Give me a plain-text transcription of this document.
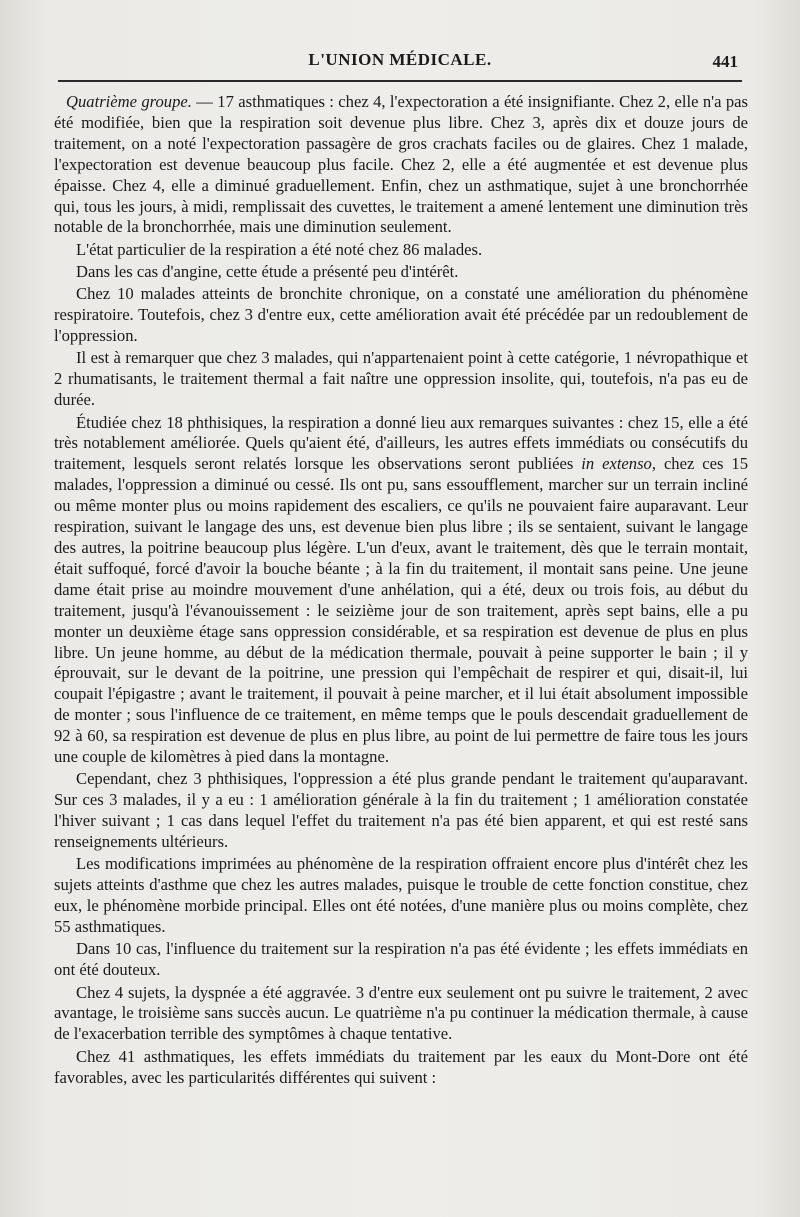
L'UNION MÉDICALE.	441

Quatrième groupe. — 17 asthmatiques : chez 4, l'expectoration a été insignifiante. Chez 2, elle n'a pas été modifiée, bien que la respiration soit devenue plus libre. Chez 3, après dix et douze jours de traitement, on a noté l'expectoration passagère de gros crachats faciles ou de glaires. Chez 1 malade, l'expectoration est devenue beaucoup plus facile. Chez 2, elle a été augmentée et est devenue plus épaisse. Chez 4, elle a diminué graduellement. Enfin, chez un asthmatique, sujet à une bronchorrhée qui, tous les jours, à midi, remplissait des cuvettes, le traitement a amené lentement une diminution très notable de la bronchorrhée, mais une diminution seulement.

L'état particulier de la respiration a été noté chez 86 malades.

Dans les cas d'angine, cette étude a présenté peu d'intérêt.

Chez 10 malades atteints de bronchite chronique, on a constaté une amélioration du phénomène respiratoire. Toutefois, chez 3 d'entre eux, cette amélioration avait été précédée par un redoublement de l'oppression.

Il est à remarquer que chez 3 malades, qui n'appartenaient point à cette catégorie, 1 névropathique et 2 rhumatisants, le traitement thermal a fait naître une oppression insolite, qui, toutefois, n'a pas eu de durée.

Étudiée chez 18 phthisiques, la respiration a donné lieu aux remarques suivantes : chez 15, elle a été très notablement améliorée. Quels qu'aient été, d'ailleurs, les autres effets immédiats ou consécutifs du traitement, lesquels seront relatés lorsque les observations seront publiées in extenso, chez ces 15 malades, l'oppression a diminué ou cessé. Ils ont pu, sans essoufflement, marcher sur un terrain incliné ou même monter plus ou moins rapidement des escaliers, ce qu'ils ne pouvaient faire auparavant. Leur respiration, suivant le langage des uns, est devenue bien plus libre ; ils se sentaient, suivant le langage des autres, la poitrine beaucoup plus légère. L'un d'eux, avant le traitement, dès que le terrain montait, était suffoqué, forcé d'avoir la bouche béante ; à la fin du traitement, il montait sans peine. Une jeune dame était prise au moindre mouvement d'une anhélation, qui a été, deux ou trois fois, au début du traitement, jusqu'à l'évanouissement : le seizième jour de son traitement, après sept bains, elle a pu monter un deuxième étage sans oppression considérable, et sa respiration est devenue de plus en plus libre. Un jeune homme, au début de la médication thermale, pouvait à peine supporter le bain ; il y éprouvait, sur le devant de la poitrine, une pression qui l'empêchait de respirer et qui, disait-il, lui coupait l'épigastre ; avant le traitement, il pouvait à peine marcher, et il lui était absolument impossible de monter ; sous l'influence de ce traitement, en même temps que le pouls descendait graduellement de 92 à 60, sa respiration est devenue de plus en plus libre, au point de lui permettre de faire tous les jours une couple de kilomètres à pied dans la montagne.

Cependant, chez 3 phthisiques, l'oppression a été plus grande pendant le traitement qu'auparavant. Sur ces 3 malades, il y a eu : 1 amélioration générale à la fin du traitement ; 1 amélioration constatée l'hiver suivant ; 1 cas dans lequel l'effet du traitement n'a pas été bien apparent, et qui est resté sans renseignements ultérieurs.

Les modifications imprimées au phénomène de la respiration offraient encore plus d'intérêt chez les sujets atteints d'asthme que chez les autres malades, puisque le trouble de cette fonction constitue, chez eux, le phénomène morbide principal. Elles ont été notées, d'une manière plus ou moins complète, chez 55 asthmatiques.

Dans 10 cas, l'influence du traitement sur la respiration n'a pas été évidente ; les effets immédiats en ont été douteux.

Chez 4 sujets, la dyspnée a été aggravée. 3 d'entre eux seulement ont pu suivre le traitement, 2 avec avantage, le troisième sans succès aucun. Le quatrième n'a pu continuer la médication thermale, à cause de l'exacerbation terrible des symptômes à chaque tentative.

Chez 41 asthmatiques, les effets immédiats du traitement par les eaux du Mont-Dore ont été favorables, avec les particularités différentes qui suivent :
